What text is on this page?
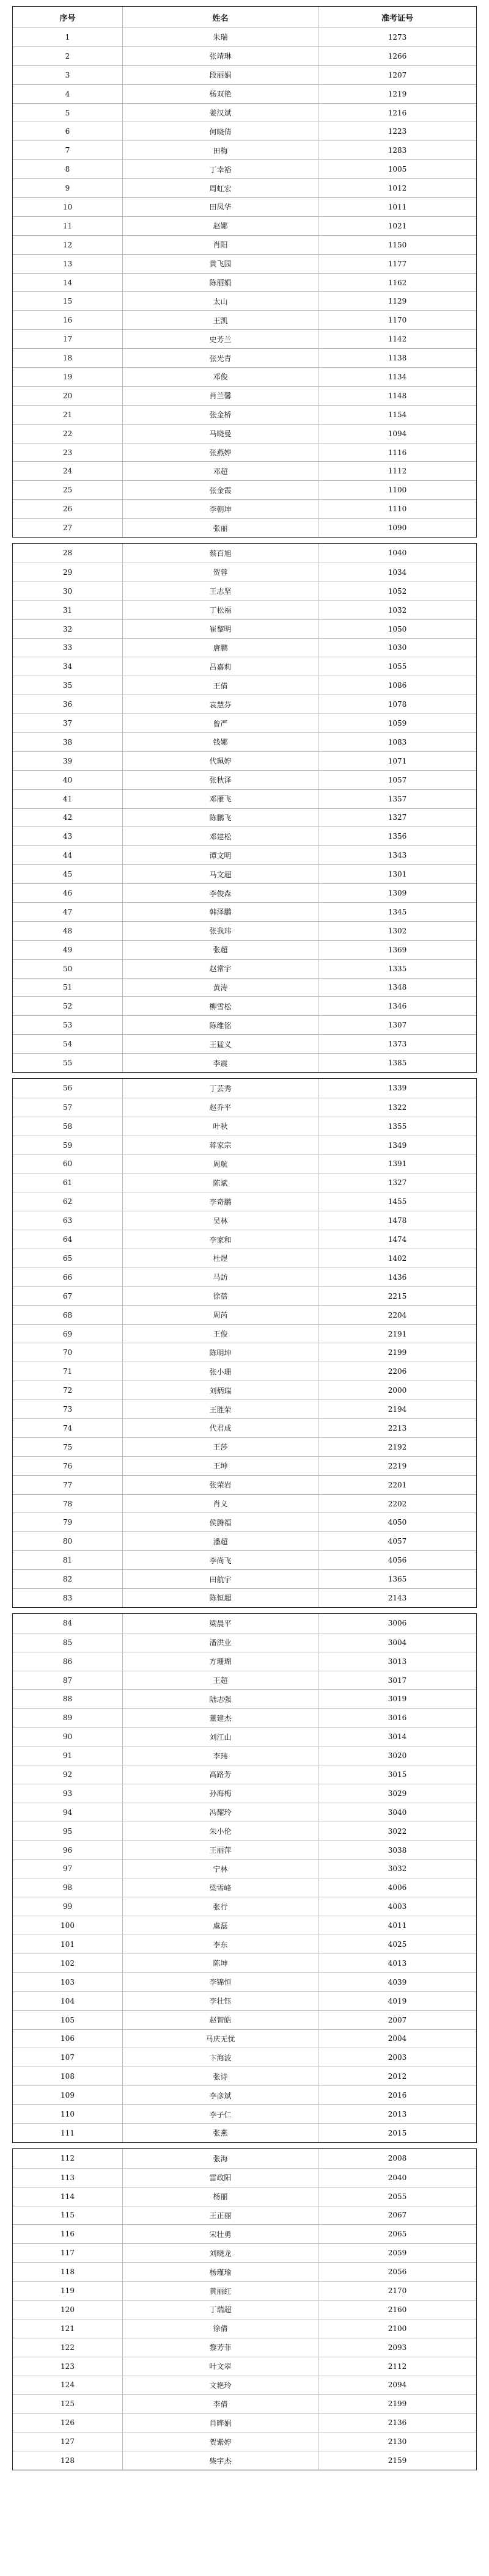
序号	姓名	准考证号
1	朱瑞	1273
2	张靖琳	1266
3	段丽娟	1207
4	杨双艳	1219
5	姜汉斌	1216
6	何晓倩	1223
7	田梅	1283
8	丁幸裕	1005
9	周虹宏	1012
10	田凤华	1011
11	赵娜	1021
12	肖阳	1150
13	黄飞园	1177
14	陈丽娟	1162
15	太山	1129
16	王凯	1170
17	史芳兰	1142
18	张光青	1138
19	邓俊	1134
20	肖兰馨	1148
21	张金桥	1154
22	马晓曼	1094
23	张燕婷	1116
24	邓超	1112
25	张金霞	1100
26	李朝坤	1110
27	张丽	1090
28	蔡百旭	1040
29	贺蓉	1034
30	王志坚	1052
31	丁松福	1032
32	崔黎明	1050
33	唐鹏	1030
34	吕嘉莉	1055
35	王倩	1086
36	袁慧芬	1078
37	曾严	1059
38	钱娜	1083
39	代珮婷	1071
40	张秋泽	1057
41	邓雁飞	1357
42	陈鹏飞	1327
43	邓建松	1356
44	谭文明	1343
45	马文超	1301
46	李俊森	1309
47	韩泽鹏	1345
48	张我玮	1302
49	张超	1369
50	赵常宇	1335
51	黄涛	1348
52	柳雪松	1346
53	陈维铭	1307
54	王猛义	1373
55	李震	1385
56	丁芸秀	1339
57	赵乔平	1322
58	叶秋	1355
59	蒋家宗	1349
60	周航	1391
61	陈斌	1327
62	李奇鹏	1455
63	吴林	1478
64	李家和	1474
65	杜煜	1402
66	马訪	1436
67	徐蓓	2215
68	周芮	2204
69	王俊	2191
70	陈明坤	2199
71	张小珊	2206
72	刘炳瑞	2000
73	王胜荣	2194
74	代君成	2213
75	王莎	2192
76	王坤	2219
77	张荣岩	2201
78	肖义	2202
79	侯腾福	4050
80	潘超	4057
81	李尚飞	4056
82	田航宇	1365
83	陈恒超	2143
84	梁晨平	3006
85	潘洪业	3004
86	方珊瑚	3013
87	王超	3017
88	陆志强	3019
89	董建杰	3016
90	刘江山	3014
91	李玮	3020
92	高路芳	3015
93	孙海梅	3029
94	冯耀玲	3040
95	朱小伦	3022
96	王丽萍	3038
97	宁林	3032
98	梁雪峰	4006
99	张行	4003
100	虞磊	4011
101	李东	4025
102	陈坤	4013
103	李锦恒	4039
104	李壮钰	4019
105	赵智皓	2007
106	马庆无忧	2004
107	卞海波	2003
108	张诗	2012
109	李彦斌	2016
110	李子仁	2013
111	张燕	2015
112	张海	2008
113	雷政阳	2040
114	杨丽	2055
115	王正丽	2067
116	宋壮勇	2065
117	刘晓龙	2059
118	杨瑾瑜	2056
119	黄丽红	2170
120	丁瑞超	2160
121	徐倩	2100
122	黎芳菲	2093
123	叶文翠	2112
124	文艳玲	2094
125	李倩	2199
126	肖晔娟	2136
127	贺紫婷	2130
128	柴宇杰	2159
